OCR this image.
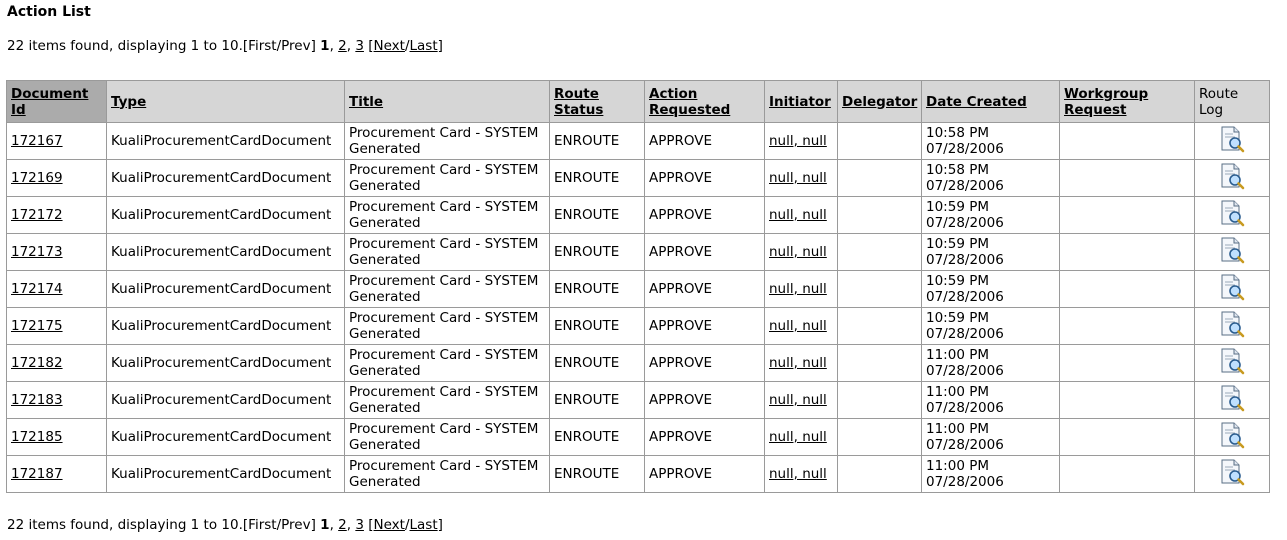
Action List
22 items found, displaying 1 to 10.[First/Prev] 1, 2, 3 [Next/Last]
Document Id	Type	Title	Route Status	Action Requested	Initiator	Delegator	Date Created	Workgroup Request	Route Log
172167	KualiProcurementCardDocument	Procurement Card - SYSTEM Generated	ENROUTE	APPROVE	null, null		10:58 PM
07/28/2006		
172169	KualiProcurementCardDocument	Procurement Card - SYSTEM Generated	ENROUTE	APPROVE	null, null		10:58 PM
07/28/2006		
172172	KualiProcurementCardDocument	Procurement Card - SYSTEM Generated	ENROUTE	APPROVE	null, null		10:59 PM
07/28/2006		
172173	KualiProcurementCardDocument	Procurement Card - SYSTEM Generated	ENROUTE	APPROVE	null, null		10:59 PM
07/28/2006		
172174	KualiProcurementCardDocument	Procurement Card - SYSTEM Generated	ENROUTE	APPROVE	null, null		10:59 PM
07/28/2006		
172175	KualiProcurementCardDocument	Procurement Card - SYSTEM Generated	ENROUTE	APPROVE	null, null		10:59 PM
07/28/2006		
172182	KualiProcurementCardDocument	Procurement Card - SYSTEM Generated	ENROUTE	APPROVE	null, null		11:00 PM
07/28/2006		
172183	KualiProcurementCardDocument	Procurement Card - SYSTEM Generated	ENROUTE	APPROVE	null, null		11:00 PM
07/28/2006		
172185	KualiProcurementCardDocument	Procurement Card - SYSTEM Generated	ENROUTE	APPROVE	null, null		11:00 PM
07/28/2006		
172187	KualiProcurementCardDocument	Procurement Card - SYSTEM Generated	ENROUTE	APPROVE	null, null		11:00 PM
07/28/2006		
22 items found, displaying 1 to 10.[First/Prev] 1, 2, 3 [Next/Last]
